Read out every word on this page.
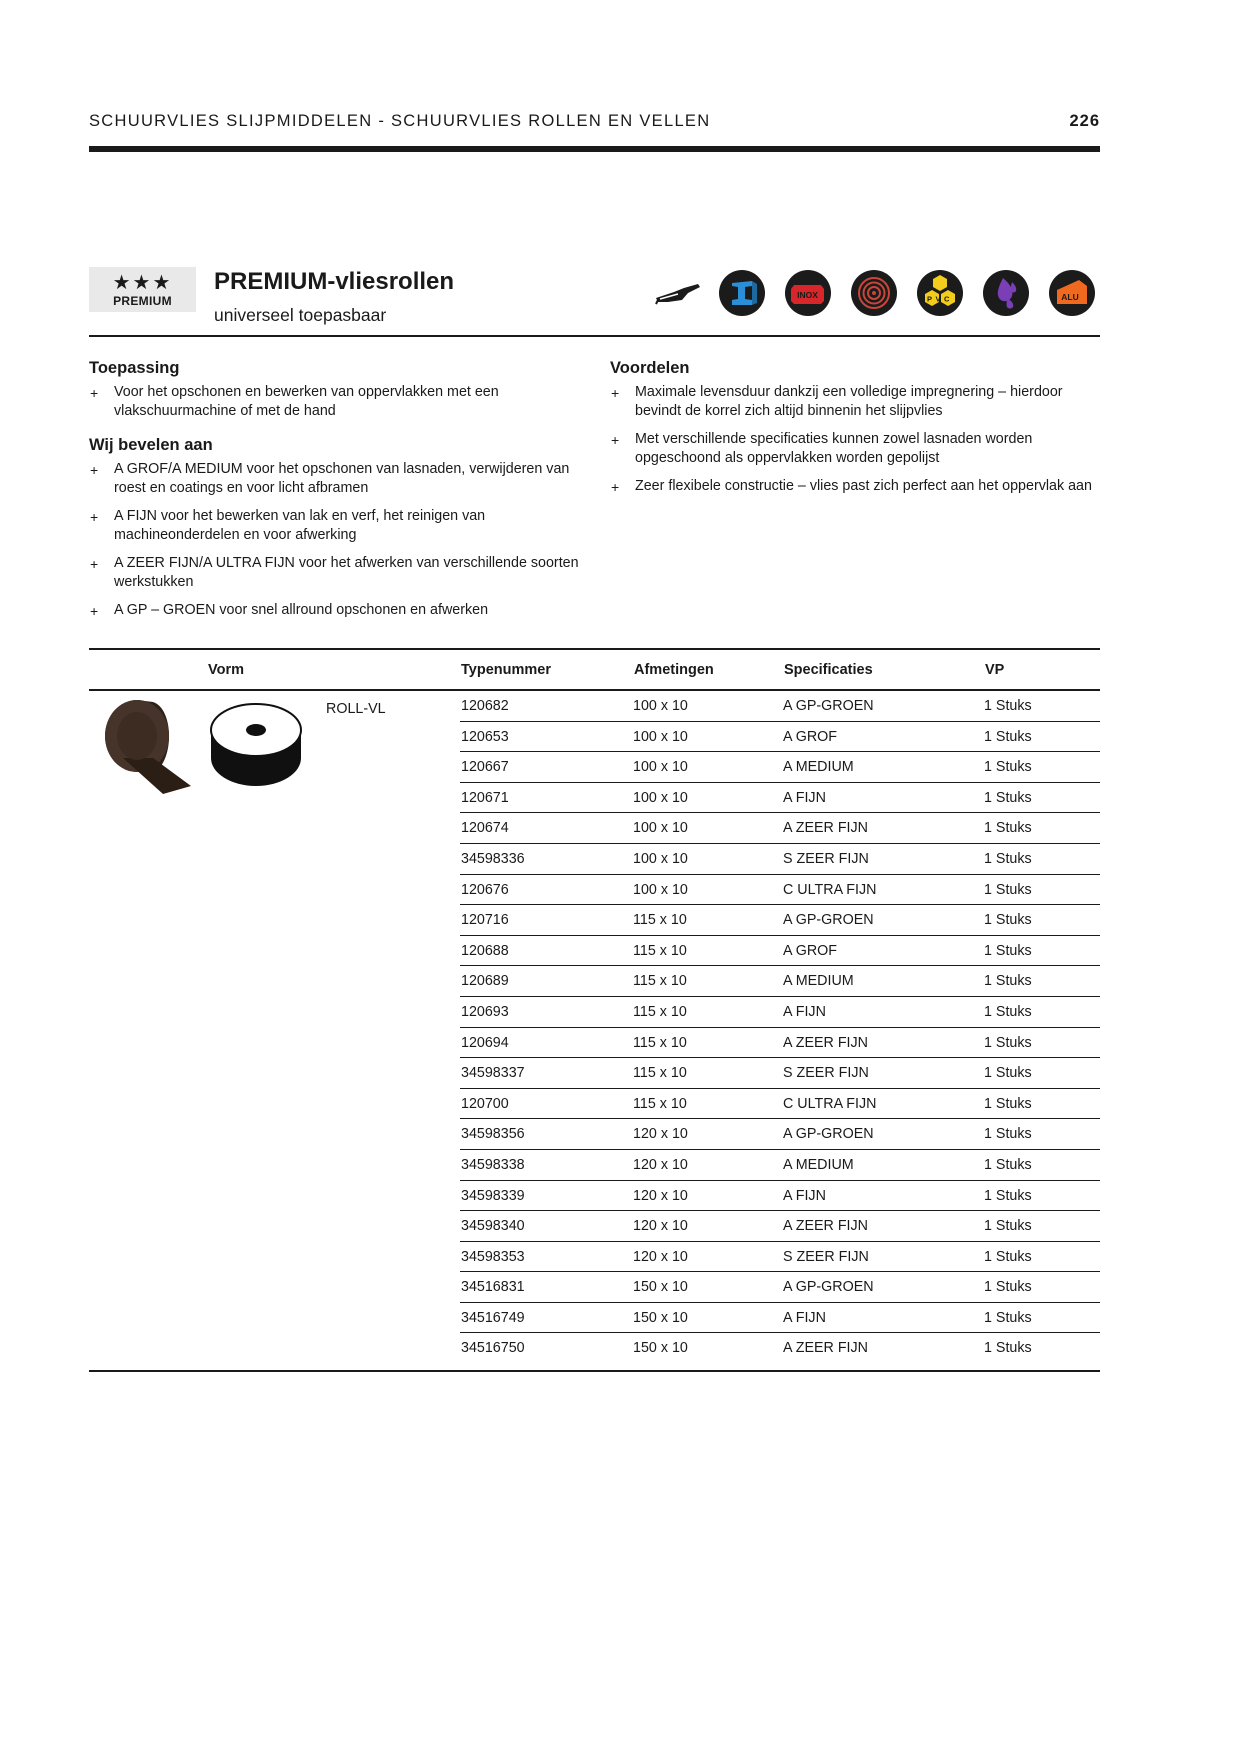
SCHUURVLIES SLIJPMIDDELEN - SCHUURVLIES ROLLEN EN VELLEN	226
★★★
PREMIUM
PREMIUM-vliesrollen
universeel toepasbaar
INOX	PVC	ALU
Toepassing
+ Voor het opschonen en bewerken van oppervlakken met een vlakschuurmachine of met de hand
Wij bevelen aan
+ A GROF/A MEDIUM voor het opschonen van lasnaden, verwijderen van roest en coatings en voor licht afbramen
+ A FIJN voor het bewerken van lak en verf, het reinigen van machineonderdelen en voor afwerking
+ A ZEER FIJN/A ULTRA FIJN voor het afwerken van verschillende soorten werkstukken
+ A GP – GROEN voor snel allround opschonen en afwerken
Voordelen
+ Maximale levensduur dankzij een volledige impregnering – hierdoor bevindt de korrel zich altijd binnenin het slijpvlies
+ Met verschillende specificaties kunnen zowel lasnaden worden opgeschoond als oppervlakken worden gepolijst
+ Zeer flexibele constructie – vlies past zich perfect aan het oppervlak aan
Vorm	Typenummer	Afmetingen	Specificaties	VP
ROLL-VL	120682	100 x 10	A GP-GROEN	1 Stuks
120653	100 x 10	A GROF	1 Stuks
120667	100 x 10	A MEDIUM	1 Stuks
120671	100 x 10	A FIJN	1 Stuks
120674	100 x 10	A ZEER FIJN	1 Stuks
34598336	100 x 10	S ZEER FIJN	1 Stuks
120676	100 x 10	C ULTRA FIJN	1 Stuks
120716	115 x 10	A GP-GROEN	1 Stuks
120688	115 x 10	A GROF	1 Stuks
120689	115 x 10	A MEDIUM	1 Stuks
120693	115 x 10	A FIJN	1 Stuks
120694	115 x 10	A ZEER FIJN	1 Stuks
34598337	115 x 10	S ZEER FIJN	1 Stuks
120700	115 x 10	C ULTRA FIJN	1 Stuks
34598356	120 x 10	A GP-GROEN	1 Stuks
34598338	120 x 10	A MEDIUM	1 Stuks
34598339	120 x 10	A FIJN	1 Stuks
34598340	120 x 10	A ZEER FIJN	1 Stuks
34598353	120 x 10	S ZEER FIJN	1 Stuks
34516831	150 x 10	A GP-GROEN	1 Stuks
34516749	150 x 10	A FIJN	1 Stuks
34516750	150 x 10	A ZEER FIJN	1 Stuks
